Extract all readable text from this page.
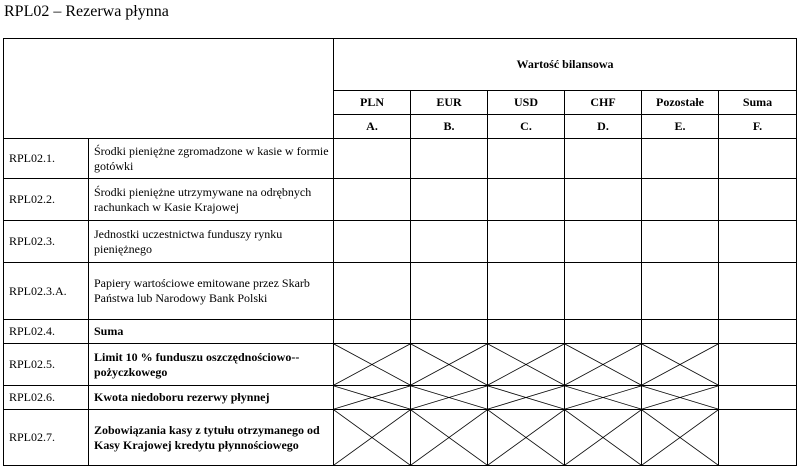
RPL02 – Rezerwa płynna
		Wartość bilansowa					
		PLN	EUR	USD	CHF	Pozostałe	Suma
		A.	B.	C.	D.	E.	F.
RPL02.1.	Środki pieniężne zgromadzone w kasie w formie gotówki						
RPL02.2.	Środki pieniężne utrzymywane na odrębnych rachunkach w Kasie Krajowej						
RPL02.3.	Jednostki uczestnictwa funduszy rynku pieniężnego						
RPL02.3.A.	Papiery wartościowe emitowane przez Skarb Państwa lub Narodowy Bank Polski						
RPL02.4.	Suma						
RPL02.5.	Limit 10 % funduszu oszczędnościowo--pożyczkowego	

RPL02.6.	Kwota niedoboru rezerwy płynnej	

RPL02.7.	Zobowiązania kasy z tytułu otrzymanego od Kasy Krajowej kredytu płynnościowego	
